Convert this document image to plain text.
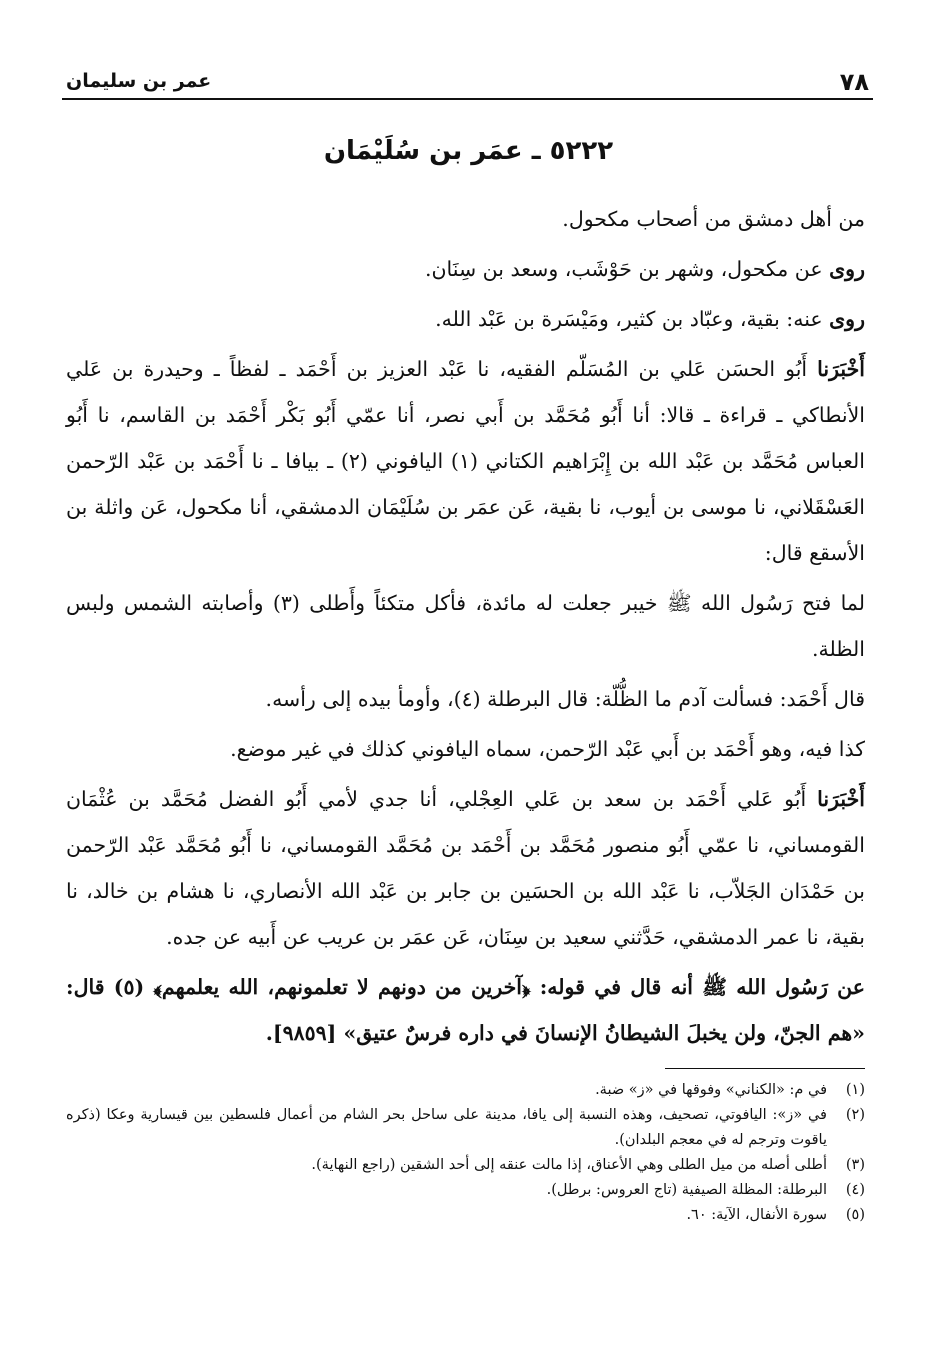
٧٨
عمر بن سليمان
٥٢٢٢ ـ عمَر بن سُلَيْمَان

من أهل دمشق من أصحاب مكحول.

روى عن مكحول، وشهر بن حَوْشَب، وسعد بن سِنَان.

روى عنه: بقية، وعبّاد بن كثير، ومَيْسَرة بن عَبْد الله.

أَخْبَرَنا أَبُو الحسَن عَلي بن المُسَلّم الفقيه، نا عَبْد العزيز بن أَحْمَد ـ لفظاً ـ وحيدرة بن عَلي الأنطاكي ـ قراءة ـ قالا: أنا أَبُو مُحَمَّد بن أَبي نصر، أنا عمّي أَبُو بَكْر أَحْمَد بن القاسم، نا أَبُو العباس مُحَمَّد بن عَبْد الله بن إِبْرَاهيم الكتاني (١) اليافوني (٢) ـ بيافا ـ نا أَحْمَد بن عَبْد الرّحمن العَسْقَلاني، نا موسى بن أيوب، نا بقية، عَن عمَر بن سُلَيْمَان الدمشقي، أنا مكحول، عَن واثلة بن الأسقع قال:

لما فتح رَسُول الله ﷺ خيبر جعلت له مائدة، فأكل متكئاً وأَطلى (٣) وأصابته الشمس ولبس الظلة.

قال أَحْمَد: فسألت آدم ما الظُّلّة: قال البرطلة (٤)، وأومأ بيده إلى رأسه.

كذا فيه، وهو أَحْمَد بن أَبي عَبْد الرّحمن، سماه اليافوني كذلك في غير موضع.

أَخْبَرَنا أَبُو عَلي أَحْمَد بن سعد بن عَلي العِجْلي، أنا جدي لأمي أَبُو الفضل مُحَمَّد بن عُثْمَان القومساني، نا عمّي أَبُو منصور مُحَمَّد بن أَحْمَد بن مُحَمَّد القومساني، نا أَبُو مُحَمَّد عَبْد الرّحمن بن حَمْدَان الجَلاّب، نا عَبْد الله بن الحسَين بن جابر بن عَبْد الله الأنصاري، نا هشام بن خالد، نا بقية، نا عمر الدمشقي، حَدَّثني سعيد بن سِنَان، عَن عمَر بن عريب عن أَبيه عن جده.

عن رَسُول الله ﷺ أنه قال في قوله: ﴿آخرين من دونهم لا تعلمونهم، الله يعلمهم﴾ (٥) قال: «هم الجنّ، ولن يخبلَ الشيطانُ الإنسانَ في داره فرسٌ عتيق» [٩٨٥٩].

(١)
في م: «الكناني» وفوقها في «ز» ضبة.
(٢)
في «ز»: اليافوتي، تصحيف، وهذه النسبة إلى يافا، مدينة على ساحل بحر الشام من أعمال فلسطين بين قيسارية وعكا (ذكره ياقوت وترجم له في معجم البلدان).
(٣)
أطلى أصله من ميل الطلى وهي الأعناق، إذا مالت عنقه إلى أحد الشقين (راجع النهاية).
(٤)
البرطلة: المظلة الصيفية (تاج العروس: برطل).
(٥)
سورة الأنفال، الآية: ٦٠.
